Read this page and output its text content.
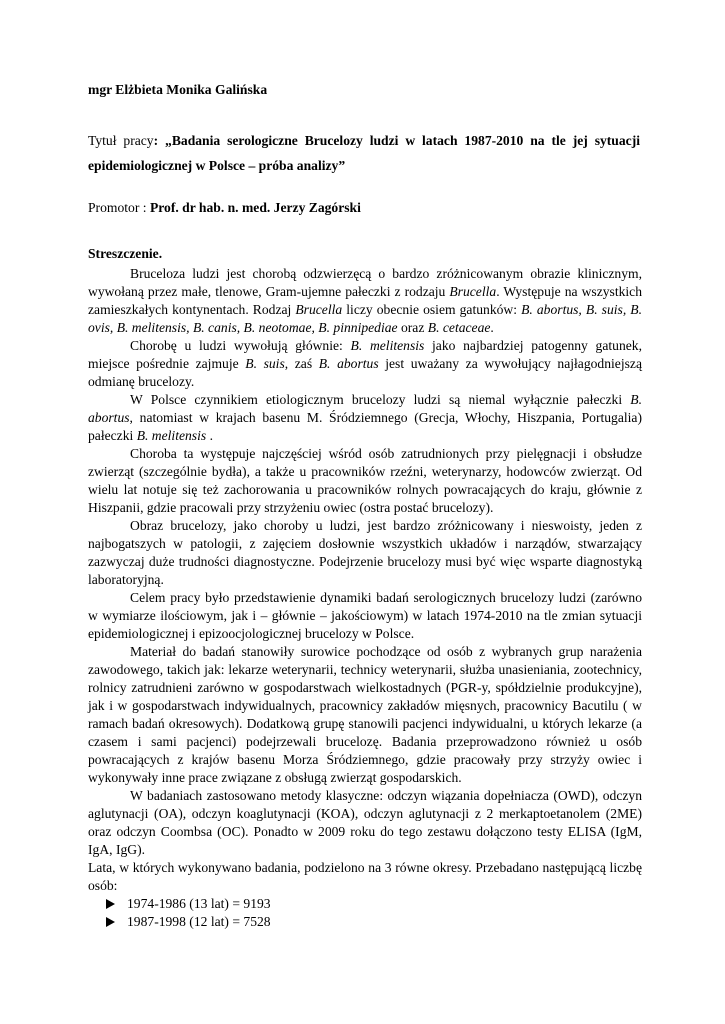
mgr Elżbieta Monika Galińska
Tytuł pracy: „Badania serologiczne Brucelozy ludzi w latach 1987-2010 na tle jej sytuacji epidemiologicznej w Polsce – próba analizy”
Promotor : Prof. dr hab. n. med. Jerzy Zagórski
Streszczenie.

Bruceloza ludzi jest chorobą odzwierzęcą o bardzo zróżnicowanym obrazie klinicznym, wywołaną przez małe, tlenowe, Gram-ujemne pałeczki z rodzaju Brucella. Występuje na wszystkich zamieszkałych kontynentach. Rodzaj Brucella liczy obecnie osiem gatunków: B. abortus, B. suis, B. ovis, B. melitensis, B. canis, B. neotomae, B. pinnipediae oraz B. cetaceae.

Chorobę u ludzi wywołują głównie: B. melitensis jako najbardziej patogenny gatunek, miejsce pośrednie zajmuje B. suis, zaś B. abortus jest uważany za wywołujący najłagodniejszą odmianę brucelozy.

W Polsce czynnikiem etiologicznym brucelozy ludzi są niemal wyłącznie pałeczki B. abortus, natomiast w krajach basenu M. Śródziemnego (Grecja, Włochy, Hiszpania, Portugalia) pałeczki B. melitensis .

Choroba ta występuje najczęściej wśród osób zatrudnionych przy pielęgnacji i obsłudze zwierząt (szczególnie bydła), a także u pracowników rzeźni, weterynarzy, hodowców zwierząt. Od wielu lat notuje się też zachorowania u pracowników rolnych powracających do kraju, głównie z Hiszpanii, gdzie pracowali przy strzyżeniu owiec (ostra postać brucelozy).

Obraz brucelozy, jako choroby u ludzi, jest bardzo zróżnicowany i nieswoisty, jeden z najbogatszych w patologii, z zajęciem dosłownie wszystkich układów i narządów, stwarzający zazwyczaj duże trudności diagnostyczne. Podejrzenie brucelozy musi być więc wsparte diagnostyką laboratoryjną.

Celem pracy było przedstawienie dynamiki badań serologicznych brucelozy ludzi (zarówno w wymiarze ilościowym, jak i – głównie – jakościowym) w latach 1974-2010 na tle zmian sytuacji epidemiologicznej i epizoocjologicznej brucelozy w Polsce.

Materiał do badań stanowiły surowice pochodzące od osób z wybranych grup narażenia zawodowego, takich jak: lekarze weterynarii, technicy weterynarii, służba unasieniania, zootechnicy, rolnicy zatrudnieni zarówno w gospodarstwach wielkostadnych (PGR-y, spółdzielnie produkcyjne), jak i w gospodarstwach indywidualnych, pracownicy zakładów mięsnych, pracownicy Bacutilu ( w ramach badań okresowych). Dodatkową grupę stanowili pacjenci indywidualni, u których lekarze (a czasem i sami pacjenci) podejrzewali brucelozę. Badania przeprowadzono również u osób powracających z krajów basenu Morza Śródziemnego, gdzie pracowały przy strzyży owiec i wykonywały inne prace związane z obsługą zwierząt gospodarskich.

W badaniach zastosowano metody klasyczne: odczyn wiązania dopełniacza (OWD), odczyn aglutynacji (OA), odczyn koaglutynacji (KOA), odczyn aglutynacji z 2 merkaptoetanolem (2ME) oraz odczyn Coombsa (OC). Ponadto w 2009 roku do tego zestawu dołączono testy ELISA (IgM, IgA, IgG).

Lata, w których wykonywano badania, podzielono na 3 równe okresy. Przebadano następującą liczbę osób:

1974-1986 (13 lat) = 9193
1987-1998 (12 lat) = 7528
